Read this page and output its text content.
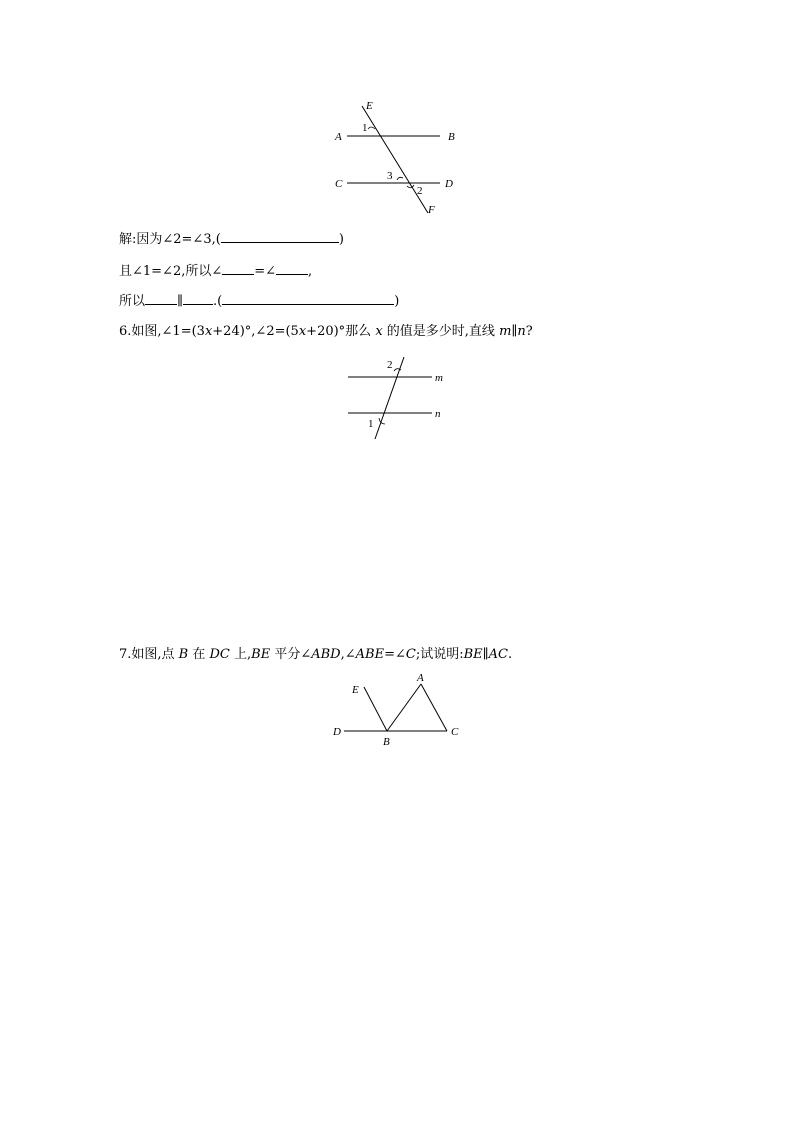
E
A	B
C	D
F
1
3
2
解:因为∠2=∠3,(	)
且∠1=∠2,所以∠ =∠ ,
所以 ∥ .(	)
6.如图,∠1=(3x+24)°,∠2=(5x+20)°那么 x 的值是多少时,直线 m∥n?
2
1
m
n
7.如图,点 B 在 DC 上,BE 平分∠ABD,∠ABE=∠C;试说明:BE∥AC.
E
A
D
B
C
